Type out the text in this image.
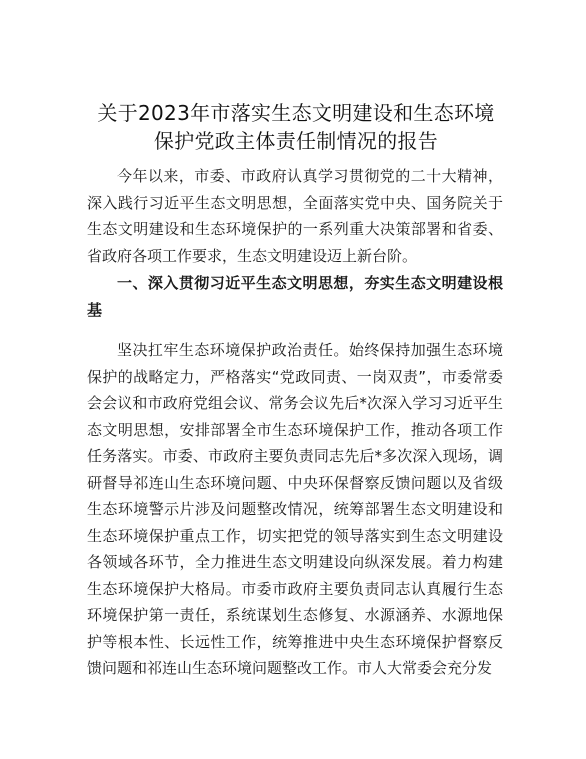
关于2023年市落实生态文明建设和生态环境保护党政主体责任制情况的报告

今年以来，市委、市政府认真学习贯彻党的二十大精神，深入践行习近平生态文明思想，全面落实党中央、国务院关于生态文明建设和生态环境保护的一系列重大决策部署和省委、省政府各项工作要求，生态文明建设迈上新台阶。

一、深入贯彻习近平生态文明思想，夯实生态文明建设根基

坚决扛牢生态环境保护政治责任。始终保持加强生态环境保护的战略定力，严格落实“党政同责、一岗双责”，市委常委会会议和市政府党组会议、常务会议先后*次深入学习习近平生态文明思想，安排部署全市生态环境保护工作，推动各项工作任务落实。市委、市政府主要负责同志先后*多次深入现场，调研督导祁连山生态环境问题、中央环保督察反馈问题以及省级生态环境警示片涉及问题整改情况，统筹部署生态文明建设和生态环境保护重点工作，切实把党的领导落实到生态文明建设各领域各环节，全力推进生态文明建设向纵深发展。着力构建生态环境保护大格局。市委市政府主要负责同志认真履行生态环境保护第一责任，系统谋划生态修复、水源涵养、水源地保护等根本性、长远性工作，统筹推进中央生态环境保护督察反馈问题和祁连山生态环境问题整改工作。市人大常委会充分发
